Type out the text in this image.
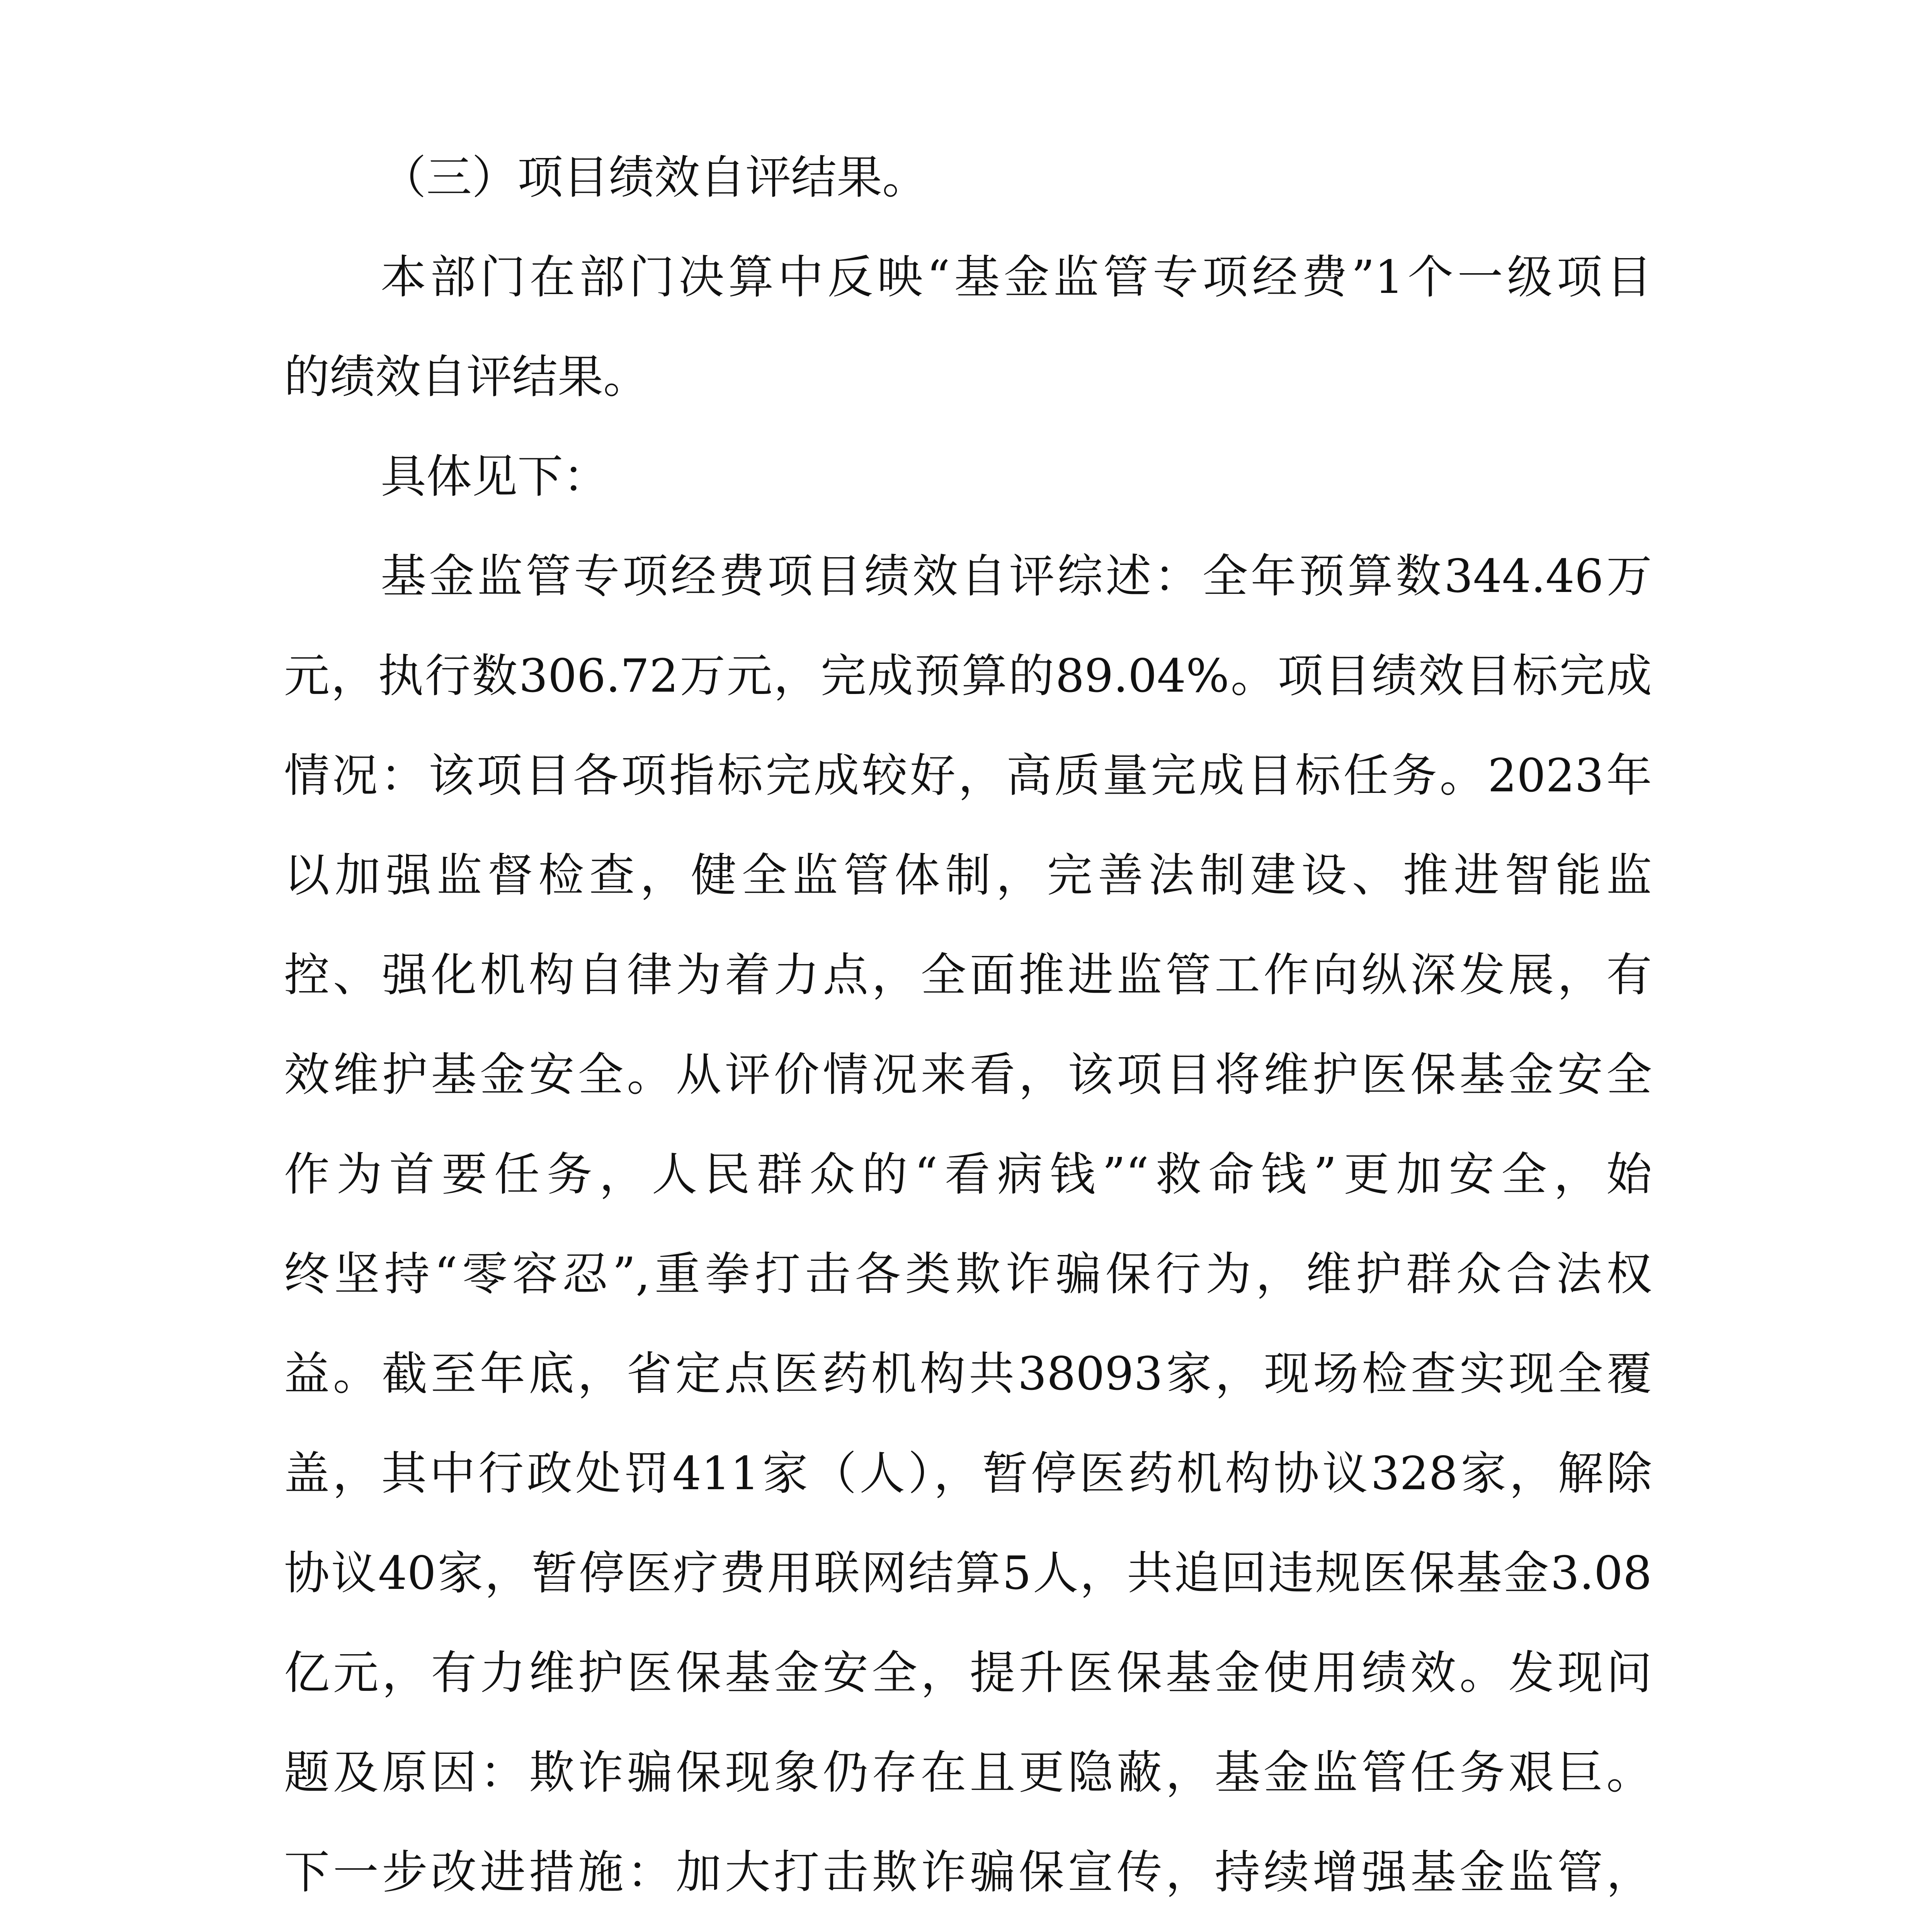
（三）项目绩效自评结果。
本部门在部门决算中反映“基金监管专项经费”1个一级项目
的绩效自评结果。
具体见下：
基金监管专项经费项目绩效自评综述：全年预算数344.46万
元，执行数306.72万元，完成预算的89.04%。项目绩效目标完成
情况：该项目各项指标完成较好，高质量完成目标任务。2023年
以加强监督检查，健全监管体制，完善法制建设、推进智能监
控、强化机构自律为着力点，全面推进监管工作向纵深发展，有
效维护基金安全。从评价情况来看，该项目将维护医保基金安全
作为首要任务，人民群众的“看病钱”“救命钱”更加安全，始
终坚持“零容忍”,重拳打击各类欺诈骗保行为，维护群众合法权
益。截至年底，省定点医药机构共38093家，现场检查实现全覆
盖，其中行政处罚411家（人），暂停医药机构协议328家，解除
协议40家，暂停医疗费用联网结算5人，共追回违规医保基金3.08
亿元，有力维护医保基金安全，提升医保基金使用绩效。发现问
题及原因：欺诈骗保现象仍存在且更隐蔽，基金监管任务艰巨。
下一步改进措施：加大打击欺诈骗保宣传，持续增强基金监管，
